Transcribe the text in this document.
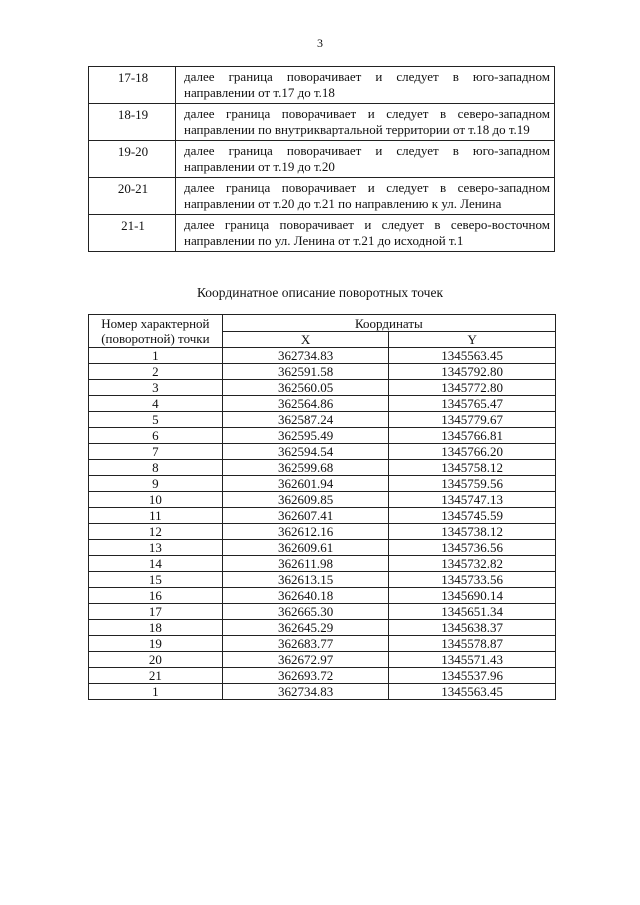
3
17-18	далее граница поворачивает и следует в юго-западном направлении от т.17 до т.18
18-19	далее граница поворачивает и следует в северо-западном направлении по внутриквартальной территории от т.18 до т.19
19-20	далее граница поворачивает и следует в юго-западном направлении от т.19 до т.20
20-21	далее граница поворачивает и следует в северо-западном направлении от т.20 до т.21 по направлению к ул. Ленина
21-1	далее граница поворачивает и следует в северо-восточном направлении по ул. Ленина от т.21 до исходной т.1
Координатное описание поворотных точек
Номер характерной (поворотной) точки	Координаты	
	X	Y
1	362734.83	1345563.45
2	362591.58	1345792.80
3	362560.05	1345772.80
4	362564.86	1345765.47
5	362587.24	1345779.67
6	362595.49	1345766.81
7	362594.54	1345766.20
8	362599.68	1345758.12
9	362601.94	1345759.56
10	362609.85	1345747.13
11	362607.41	1345745.59
12	362612.16	1345738.12
13	362609.61	1345736.56
14	362611.98	1345732.82
15	362613.15	1345733.56
16	362640.18	1345690.14
17	362665.30	1345651.34
18	362645.29	1345638.37
19	362683.77	1345578.87
20	362672.97	1345571.43
21	362693.72	1345537.96
1	362734.83	1345563.45
